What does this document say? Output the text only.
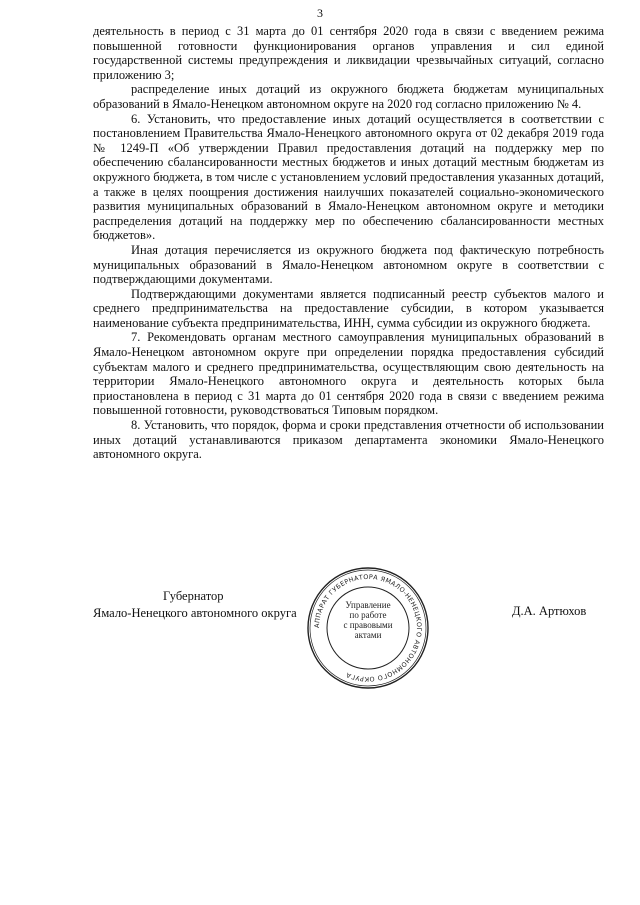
3

деятельность в период с 31 марта до 01 сентября 2020 года в связи с введением режима повышенной готовности функционирования органов управления и сил единой государственной системы предупреждения и ликвидации чрезвычайных ситуаций, согласно приложению 3;

распределение иных дотаций из окружного бюджета бюджетам муниципальных образований в Ямало-Ненецком автономном округе на 2020 год согласно приложению № 4.

6. Установить, что предоставление иных дотаций осуществляется в соответствии с постановлением Правительства Ямало-Ненецкого автономного округа от 02 декабря 2019 года № 1249-П «Об утверждении Правил предоставления дотаций на поддержку мер по обеспечению сбалансированности местных бюджетов и иных дотаций местным бюджетам из окружного бюджета, в том числе с установлением условий предоставления указанных дотаций, а также в целях поощрения достижения наилучших показателей социально-экономического развития муниципальных образований в Ямало-Ненецком автономном округе и методики распределения дотаций на поддержку мер по обеспечению сбалансированности местных бюджетов».

Иная дотация перечисляется из окружного бюджета под фактическую потребность муниципальных образований в Ямало-Ненецком автономном округе в соответствии с подтверждающими документами.

Подтверждающими документами является подписанный реестр субъектов малого и среднего предпринимательства на предоставление субсидии, в котором указывается наименование субъекта предпринимательства, ИНН, сумма субсидии из окружного бюджета.

7. Рекомендовать органам местного самоуправления муниципальных образований в Ямало-Ненецком автономном округе при определении порядка предоставления субсидий субъектам малого и среднего предпринимательства, осуществляющим свою деятельность на территории Ямало-Ненецкого автономного округа и деятельность которых была приостановлена в период с 31 марта до 01 сентября 2020 года в связи с введением режима повышенной готовности, руководствоваться Типовым порядком.

8. Установить, что порядок, форма и сроки представления отчетности об использовании иных дотаций устанавливаются приказом департамента экономики Ямало-Ненецкого автономного округа.

Губернатор
Ямало-Ненецкого автономного округа	Д.А. Артюхов
АППАРАТ ГУБЕРНАТОРА ЯМАЛО-НЕНЕЦКОГО АВТОНОМНОГО ОКРУГА
Управление
по работе
с правовыми
актами
